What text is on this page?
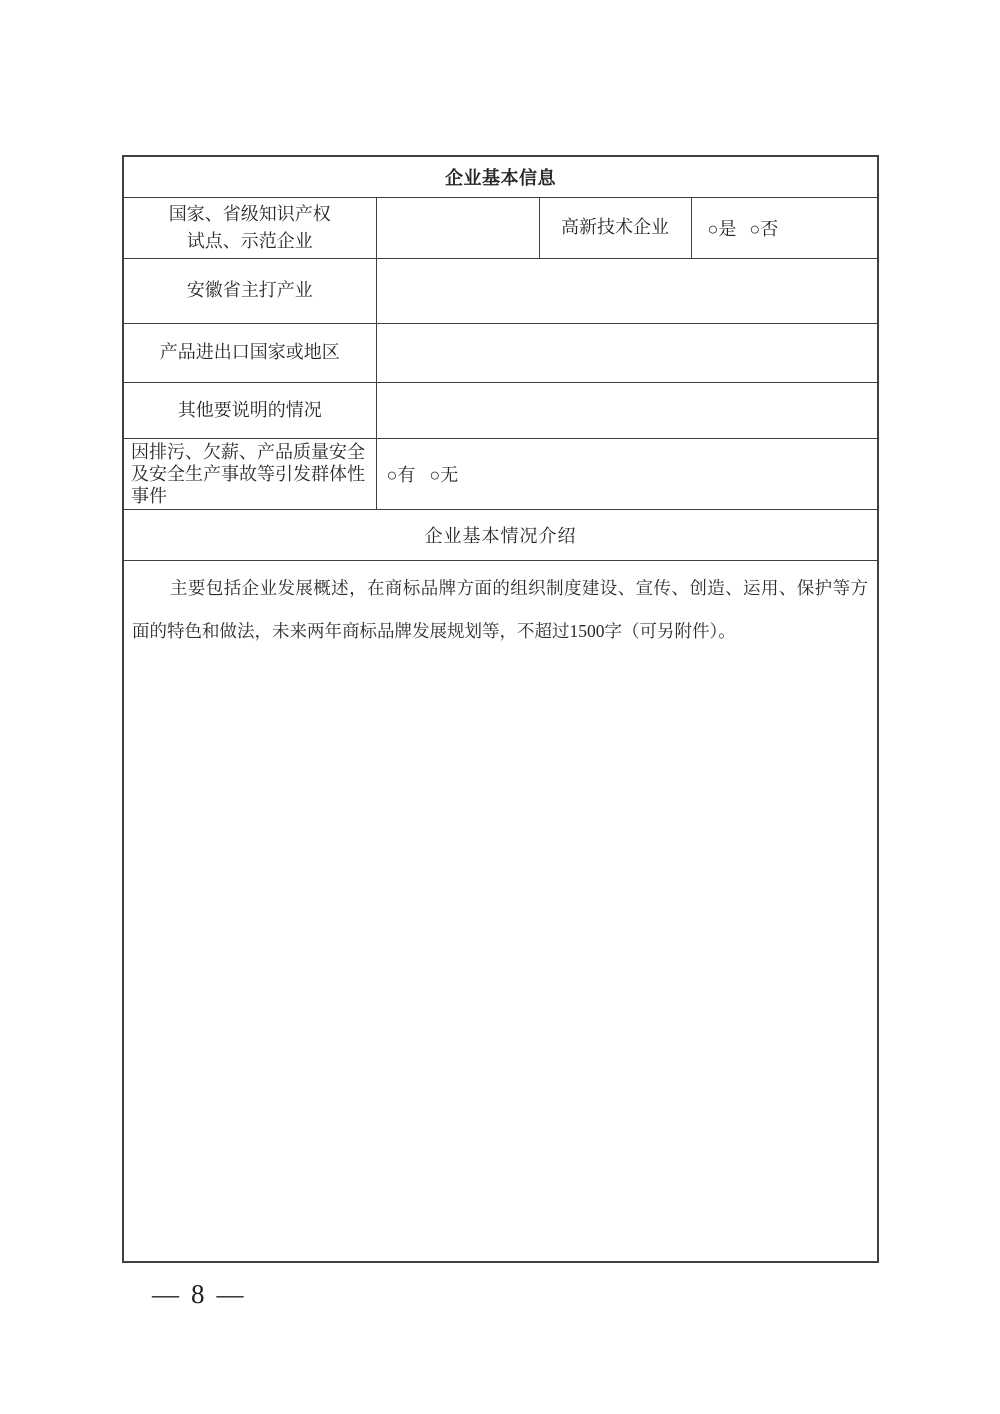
企业基本信息			

国家、省级知识产权
试点、示范企业		高新技术企业	○是 ○否
安徽省主打产业			
产品进出口国家或地区			
其他要说明的情况			
因排污、欠薪、产品质量安全及安全生产事故等引发群体性事件	○有 ○无		
企业基本情况介绍			

主要包括企业发展概述，在商标品牌方面的组织制度建设、宣传、创造、运用、保护等方面的特色和做法，未来两年商标品牌发展规划等，不超过1500字（可另附件）。			
— 8 —
